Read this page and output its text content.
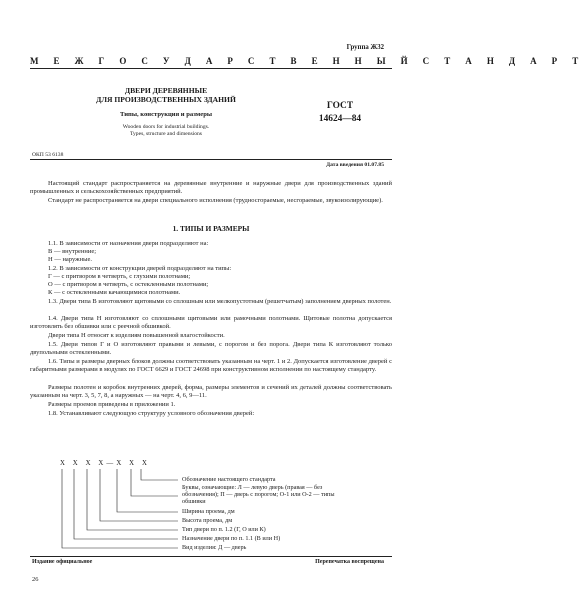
Группа Ж32
М Е Ж Г О С У Д А Р С Т В Е Н Н Ы Й С Т А Н Д А Р Т
ДВЕРИ ДЕРЕВЯННЫЕ
ДЛЯ ПРОИЗВОДСТВЕННЫХ ЗДАНИЙ
Типы, конструкция и размеры
Wooden doors for industrial buildings.
Types, structure and dimensions
ГОСТ
14624—84
ОКП 53 6138
Дата введения 01.07.85
Настоящий стандарт распространяется на деревянные внутренние и наружные двери для производственных зданий промышленных и сельскохозяйственных предприятий.
Стандарт не распространяется на двери специального исполнения (трудносгораемые, несгораемые, звукоизолирующие).
1. ТИПЫ И РАЗМЕРЫ
1.1. В зависимости от назначения двери подразделяют на:
В — внутренние;
Н — наружные.
1.2. В зависимости от конструкции дверей подразделяют на типы:
Г — с притвором в четверть, с глухими полотнами;
О — с притвором в четверть, с остекленными полотнами;
К — с остекленными качающимися полотнами.
1.3. Двери типа В изготовляют щитовыми со сплошным или мелкопустотным (решетчатым) заполнением дверных полотен.
1.4. Двери типа Н изготовляют со сплошными щитовыми или рамочными полотнами. Щитовые полотна допускается изготовлять без обшивки или с реечной обшивкой.
Двери типа Н относят к изделиям повышенной влагостойкости.
1.5. Двери типов Г и О изготовляют правыми и левыми, с порогом и без порога. Двери типа К изготовляют только двупольными остекленными.
1.6. Типы и размеры дверных блоков должны соответствовать указанным на черт. 1 и 2. Допускается изготовление дверей с габаритными размерами в модулях по ГОСТ 6629 и ГОСТ 24698 при конструктивном исполнении по настоящему стандарту.
Размеры полотен и коробок внутренних дверей, форма, размеры элементов и сечений их деталей должны соответствовать указанным на черт. 3, 5, 7, 8, а наружных — на черт. 4, 6, 9—11.
Размеры проемов приведены в приложении 1.
1.8. Устанавливают следующую структуру условного обозначения дверей:
Х Х Х Х—Х Х Х
Обозначение настоящего стандарта
Буквы, означающие: Л — левую дверь (правая — без
обозначения); П — дверь с порогом; О-1 или О-2 — типы
обшивки
Ширина проема, дм
Высота проема, дм
Тип двери по п. 1.2 (Г, О или К)
Назначение двери по п. 1.1 (В или Н)
Вид изделия: Д — дверь
Издание официальное	Перепечатка воспрещена
26
